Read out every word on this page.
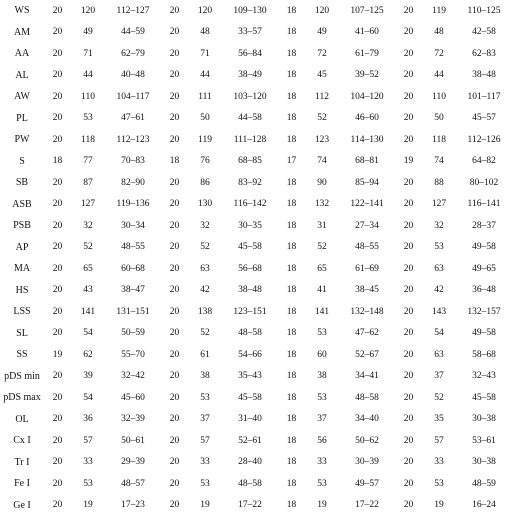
WS	20	120	112–127	20	120	109–130	18	120	107–125	20	119	110–125
AM	20	49	44–59	20	48	33–57	18	49	41–60	20	48	42–58
AA	20	71	62–79	20	71	56–84	18	72	61–79	20	72	62–83
AL	20	44	40–48	20	44	38–49	18	45	39–52	20	44	38–48
AW	20	110	104–117	20	111	103–120	18	112	104–120	20	110	101–117
PL	20	53	47–61	20	50	44–58	18	52	46–60	20	50	45–57
PW	20	118	112–123	20	119	111–128	18	123	114–130	20	118	112–126
S	18	77	70–83	18	76	68–85	17	74	68–81	19	74	64–82
SB	20	87	82–90	20	86	83–92	18	90	85–94	20	88	80–102
ASB	20	127	119–136	20	130	116–142	18	132	122–141	20	127	116–141
PSB	20	32	30–34	20	32	30–35	18	31	27–34	20	32	28–37
AP	20	52	48–55	20	52	45–58	18	52	48–55	20	53	49–58
MA	20	65	60–68	20	63	56–68	18	65	61–69	20	63	49–65
HS	20	43	38–47	20	42	38–48	18	41	38–45	20	42	36–48
LSS	20	141	131–151	20	138	123–151	18	141	132–148	20	143	132–157
SL	20	54	50–59	20	52	48–58	18	53	47–62	20	54	49–58
SS	19	62	55–70	20	61	54–66	18	60	52–67	20	63	58–68
pDS min	20	39	32–42	20	38	35–43	18	38	34–41	20	37	32–43
pDS max	20	54	45–60	20	53	45–58	18	53	48–58	20	52	45–58
OL	20	36	32–39	20	37	31–40	18	37	34–40	20	35	30–38
Cx I	20	57	50–61	20	57	52–61	18	56	50–62	20	57	53–61
Tr I	20	33	29–39	20	33	28–40	18	33	30–39	20	33	30–38
Fe I	20	53	48–57	20	53	48–58	18	53	49–57	20	53	48–59
Ge I	20	19	17–23	20	19	17–22	18	19	17–22	20	19	16–24
